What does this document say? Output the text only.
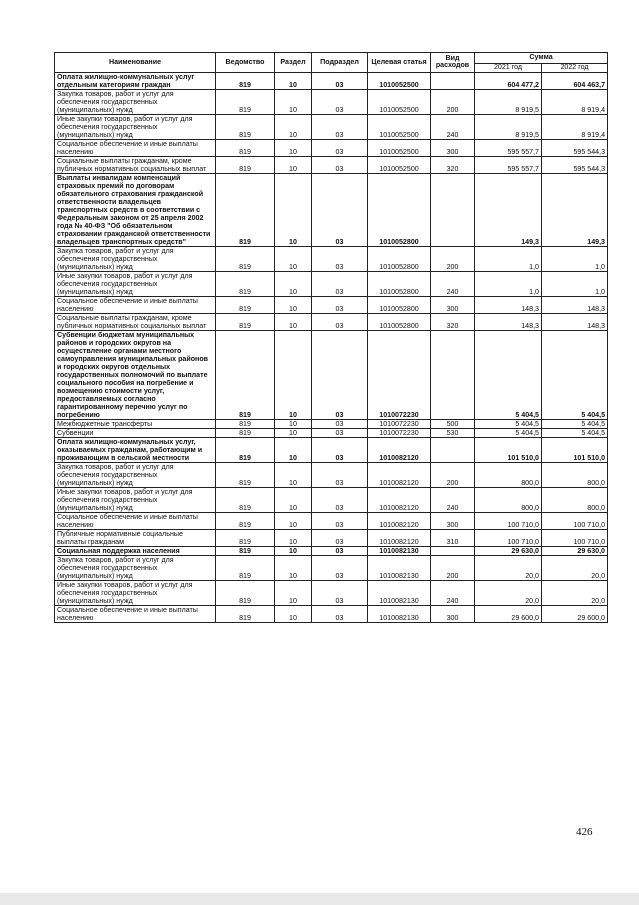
Наименование	Ведомство	Раздел	Подраздел	Целевая статья	Вид расходов	Сумма	
						2021 год	2022 год
Оплата жилищно-коммунальных услуг отдельным категориям граждан	819	10	03	1010052500		604 477,2	604 463,7
Закупка товаров, работ и услуг для обеспечения государственных (муниципальных) нужд	819	10	03	1010052500	200	8 919,5	8 919,4
Иные закупки товаров, работ и услуг для обеспечения государственных (муниципальных) нужд	819	10	03	1010052500	240	8 919,5	8 919,4
Социальное обеспечение и иные выплаты населению	819	10	03	1010052500	300	595 557,7	595 544,3
Социальные выплаты гражданам, кроме публичных нормативных социальных выплат	819	10	03	1010052500	320	595 557,7	595 544,3
Выплаты инвалидам компенсаций страховых премий по договорам обязательного страхования гражданской ответственности владельцев транспортных средств в соответствии с Федеральным законом от 25 апреля 2002 года № 40-ФЗ "Об обязательном страховании гражданской ответственности владельцев транспортных средств"	819	10	03	1010052800		149,3	149,3
Закупка товаров, работ и услуг для обеспечения государственных (муниципальных) нужд	819	10	03	1010052800	200	1,0	1,0
Иные закупки товаров, работ и услуг для обеспечения государственных (муниципальных) нужд	819	10	03	1010052800	240	1,0	1,0
Социальное обеспечение и иные выплаты населению	819	10	03	1010052800	300	148,3	148,3
Социальные выплаты гражданам, кроме публичных нормативных социальных выплат	819	10	03	1010052800	320	148,3	148,3
Субвенции бюджетам муниципальных районов и городских округов на осуществление органами местного самоуправления муниципальных районов и городских округов отдельных государственных полномочий по выплате социального пособия на погребение и возмещению стоимости услуг, предоставляемых согласно гарантированному перечню услуг по погребению	819	10	03	1010072230		5 404,5	5 404,5
Межбюджетные трансферты	819	10	03	1010072230	500	5 404,5	5 404,5
Субвенции	819	10	03	1010072230	530	5 404,5	5 404,5
Оплата жилищно-коммунальных услуг, оказываемых гражданам, работающим и проживающим в сельской местности	819	10	03	1010082120		101 510,0	101 510,0
Закупка товаров, работ и услуг для обеспечения государственных (муниципальных) нужд	819	10	03	1010082120	200	800,0	800,0
Иные закупки товаров, работ и услуг для обеспечения государственных (муниципальных) нужд	819	10	03	1010082120	240	800,0	800,0
Социальное обеспечение и иные выплаты населению	819	10	03	1010082120	300	100 710,0	100 710,0
Публичные нормативные социальные выплаты гражданам	819	10	03	1010082120	310	100 710,0	100 710,0
Социальная поддержка населения	819	10	03	1010082130		29 630,0	29 630,0
Закупка товаров, работ и услуг для обеспечения государственных (муниципальных) нужд	819	10	03	1010082130	200	20,0	20,0
Иные закупки товаров, работ и услуг для обеспечения государственных (муниципальных) нужд	819	10	03	1010082130	240	20,0	20,0
Социальное обеспечение и иные выплаты населению	819	10	03	1010082130	300	29 600,0	29 600,0
426
